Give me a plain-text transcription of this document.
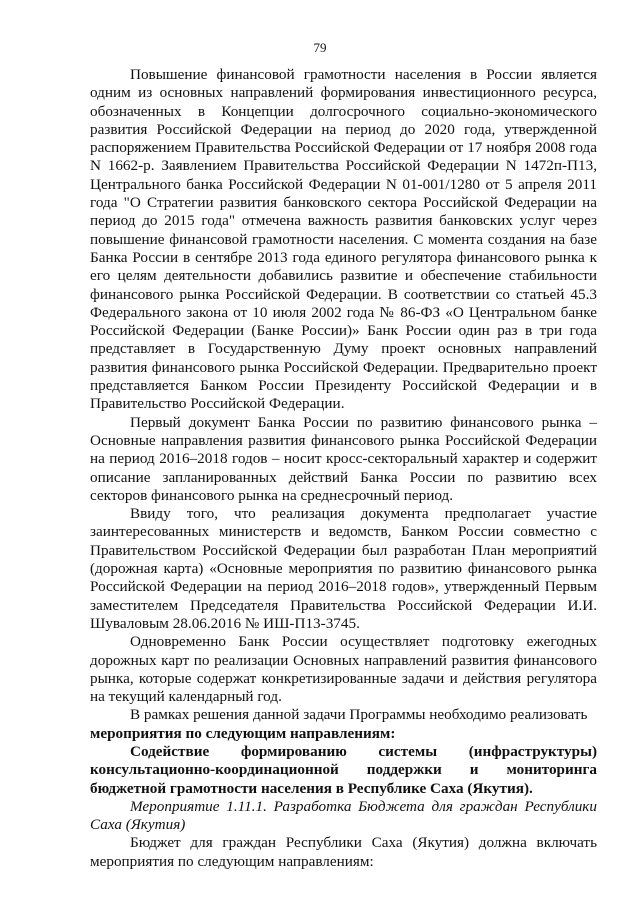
79

Повышение финансовой грамотности населения в России является одним из основных направлений формирования инвестиционного ресурса, обозначенных в Концепции долгосрочного социально-экономического развития Российской Федерации на период до 2020 года, утвержденной распоряжением Правительства Российской Федерации от 17 ноября 2008 года N 1662-р. Заявлением Правительства Российской Федерации N 1472п-П13, Центрального банка Российской Федерации N 01-001/1280 от 5 апреля 2011 года "О Стратегии развития банковского сектора Российской Федерации на период до 2015 года" отмечена важность развития банковских услуг через повышение финансовой грамотности населения. С момента создания на базе Банка России в сентябре 2013 года единого регулятора финансового рынка к его целям деятельности добавились развитие и обеспечение стабильности финансового рынка Российской Федерации. В соответствии со статьей 45.3 Федерального закона от 10 июля 2002 года № 86-ФЗ «О Центральном банке Российской Федерации (Банке России)» Банк России один раз в три года представляет в Государственную Думу проект основных направлений развития финансового рынка Российской Федерации. Предварительно проект представляется Банком России Президенту Российской Федерации и в Правительство Российской Федерации.

Первый документ Банка России по развитию финансового рынка – Основные направления развития финансового рынка Российской Федерации на период 2016–2018 годов – носит кросс-секторальный характер и содержит описание запланированных действий Банка России по развитию всех секторов финансового рынка на среднесрочный период.

Ввиду того, что реализация документа предполагает участие заинтересованных министерств и ведомств, Банком России совместно с Правительством Российской Федерации был разработан План мероприятий (дорожная карта) «Основные мероприятия по развитию финансового рынка Российской Федерации на период 2016–2018 годов», утвержденный Первым заместителем Председателя Правительства Российской Федерации И.И. Шуваловым 28.06.2016 № ИШ-П13-3745.

Одновременно Банк России осуществляет подготовку ежегодных дорожных карт по реализации Основных направлений развития финансового рынка, которые содержат конкретизированные задачи и действия регулятора на текущий календарный год.

В рамках решения данной задачи Программы необходимо реализовать
мероприятия по следующим направлениям:

Содействие формированию системы (инфраструктуры) консультационно-координационной поддержки и мониторинга бюджетной грамотности населения в Республике Саха (Якутия).

Мероприятие 1.11.1. Разработка Бюджета для граждан Республики Саха (Якутия)

Бюджет для граждан Республики Саха (Якутия) должна включать мероприятия по следующим направлениям:
